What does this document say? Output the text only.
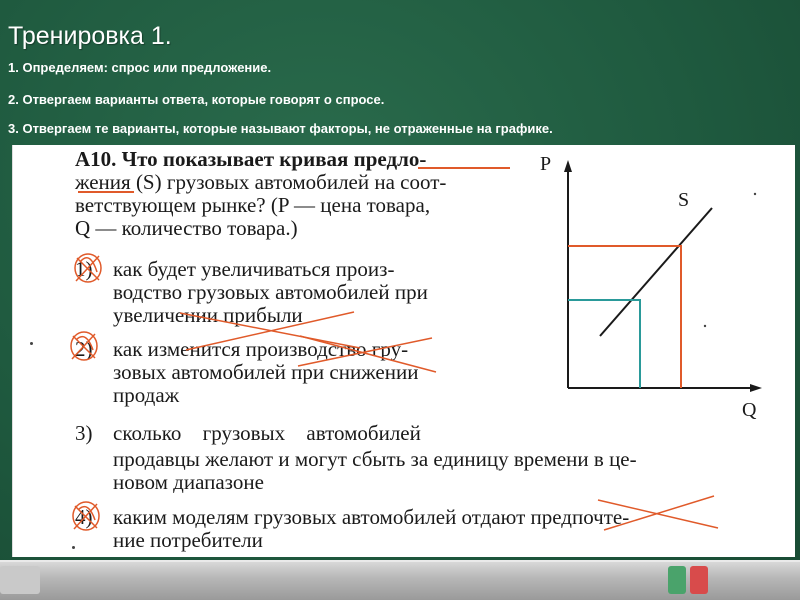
Тренировка 1.
1. Определяем: спрос или предложение.
2. Отвергаем варианты ответа, которые говорят о спросе.
3. Отвергаем те варианты, которые называют факторы, не отраженные на графике.
А10. Что показывает кривая предло-
жения (S) грузовых автомобилей на соот-
ветствующем рынке? (P — цена товара,
Q — количество товара.)
1) как будет увеличиваться произ-
водство грузовых автомобилей при
увеличении прибыли
2) как изменится производство гру-
зовых автомобилей при снижении
продаж
3) сколько грузовых автомобилей
продавцы желают и могут сбыть за единицу времени в це-
новом диапазоне
4) каким моделям грузовых автомобилей отдают предпочте-
ние потребители
P
Q
S
